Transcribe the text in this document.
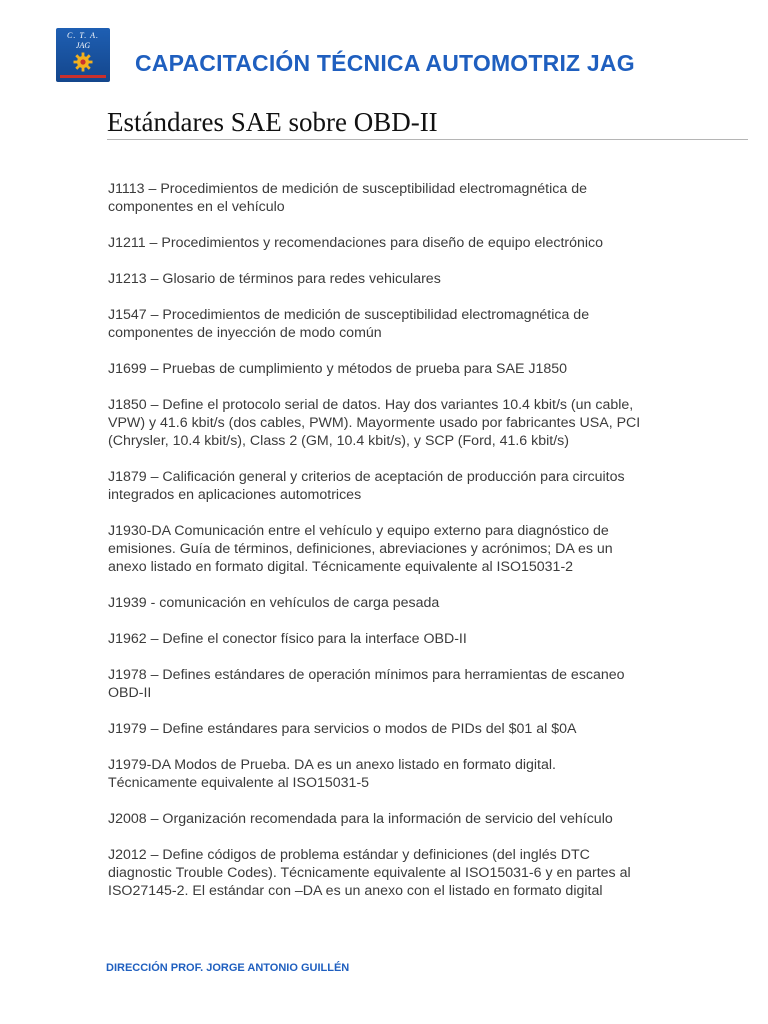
C. T. A.
JAG
CAPACITACIÓN TÉCNICA AUTOMOTRIZ JAG
Estándares SAE sobre OBD-II
J1113 – Procedimientos de medición de susceptibilidad electromagnética de componentes en el vehículo
J1211 – Procedimientos y recomendaciones para diseño de equipo electrónico
J1213 – Glosario de términos para redes vehiculares
J1547 – Procedimientos de medición de susceptibilidad electromagnética de componentes de inyección de modo común
J1699 – Pruebas de cumplimiento y métodos de prueba para SAE J1850
J1850 – Define el protocolo serial de datos. Hay dos variantes 10.4 kbit/s (un cable, VPW) y 41.6 kbit/s (dos cables, PWM). Mayormente usado por fabricantes USA, PCI (Chrysler, 10.4 kbit/s), Class 2 (GM, 10.4 kbit/s), y SCP (Ford, 41.6 kbit/s)
J1879 – Calificación general y criterios de aceptación de producción para circuitos integrados en aplicaciones automotrices
J1930-DA Comunicación entre el vehículo y equipo externo para diagnóstico de emisiones. Guía de términos, definiciones, abreviaciones y acrónimos; DA es un anexo listado en formato digital. Técnicamente equivalente al ISO15031-2
J1939 - comunicación en vehículos de carga pesada
J1962 – Define el conector físico para la interface OBD-II
J1978 – Defines estándares de operación mínimos para herramientas de escaneo OBD-II
J1979 – Define estándares para servicios o modos de PIDs del $01 al $0A
J1979-DA Modos de Prueba. DA es un anexo listado en formato digital. Técnicamente equivalente al ISO15031-5
J2008 – Organización recomendada para la información de servicio del vehículo
J2012 – Define códigos de problema estándar y definiciones (del inglés DTC diagnostic Trouble Codes). Técnicamente equivalente al ISO15031-6 y en partes al ISO27145-2. El estándar con –DA es un anexo con el listado en formato digital
DIRECCIÓN PROF. JORGE ANTONIO GUILLÉN
